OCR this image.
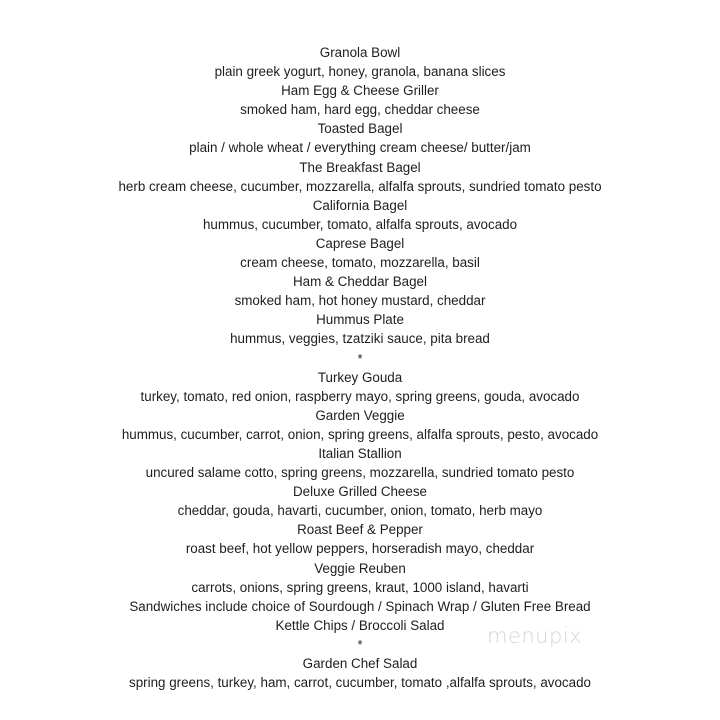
Granola Bowl
plain greek yogurt, honey, granola, banana slices
Ham Egg & Cheese Griller
smoked ham, hard egg, cheddar cheese
Toasted Bagel
plain / whole wheat / everything cream cheese/ butter/jam
The Breakfast Bagel
herb cream cheese, cucumber, mozzarella, alfalfa sprouts, sundried tomato pesto
California Bagel
hummus, cucumber, tomato, alfalfa sprouts, avocado
Caprese Bagel
cream cheese, tomato, mozzarella, basil
Ham & Cheddar Bagel
smoked ham, hot honey mustard, cheddar
Hummus Plate
hummus, veggies, tzatziki sauce, pita bread
*
Turkey Gouda
turkey, tomato, red onion, raspberry mayo, spring greens, gouda, avocado
Garden Veggie
hummus, cucumber, carrot, onion, spring greens, alfalfa sprouts, pesto, avocado
Italian Stallion
uncured salame cotto, spring greens, mozzarella, sundried tomato pesto
Deluxe Grilled Cheese
cheddar, gouda, havarti, cucumber, onion, tomato, herb mayo
Roast Beef & Pepper
roast beef, hot yellow peppers, horseradish mayo, cheddar
Veggie Reuben
carrots, onions, spring greens, kraut, 1000 island, havarti
Sandwiches include choice of Sourdough / Spinach Wrap / Gluten Free Bread
Kettle Chips / Broccoli Salad
*
Garden Chef Salad
spring greens, turkey, ham, carrot, cucumber, tomato ,alfalfa sprouts, avocado
menupix
